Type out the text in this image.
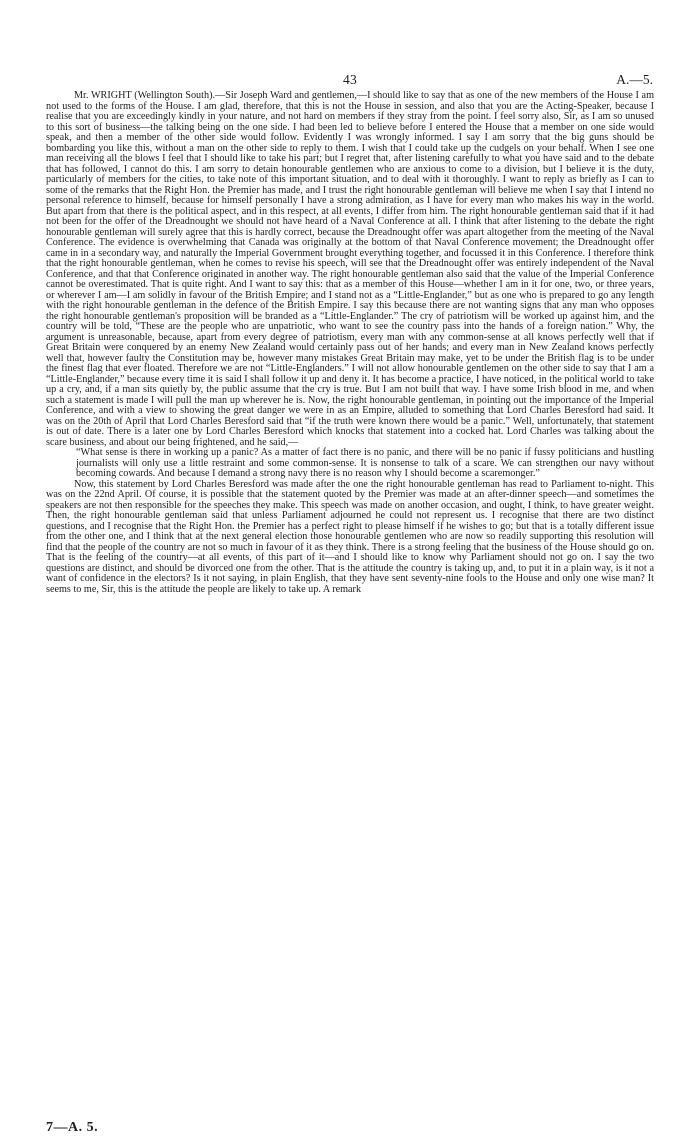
43	A.—5.

Mr. WRIGHT (Wellington South).—Sir Joseph Ward and gentlemen,—I should like to say that as one of the new members of the House I am not used to the forms of the House. I am glad, therefore, that this is not the House in session, and also that you are the Acting-Speaker, because I realise that you are exceedingly kindly in your nature, and not hard on members if they stray from the point. I feel sorry also, Sir, as I am so unused to this sort of business—the talking being on the one side. I had been led to believe before I entered the House that a member on one side would speak, and then a member of the other side would follow. Evidently I was wrongly informed. I say I am sorry that the big guns should be bombarding you like this, without a man on the other side to reply to them. I wish that I could take up the cudgels on your behalf. When I see one man receiving all the blows I feel that I should like to take his part; but I regret that, after listening carefully to what you have said and to the debate that has followed, I cannot do this. I am sorry to detain honourable gentlemen who are anxious to come to a division, but I believe it is the duty, particularly of members for the cities, to take note of this important situation, and to deal with it thoroughly. I want to reply as briefly as I can to some of the remarks that the Right Hon. the Premier has made, and I trust the right honourable gentleman will believe me when I say that I intend no personal reference to himself, because for himself personally I have a strong admiration, as I have for every man who makes his way in the world. But apart from that there is the political aspect, and in this respect, at all events, I differ from him. The right honourable gentleman said that if it had not been for the offer of the Dreadnought we should not have heard of a Naval Conference at all. I think that after listening to the debate the right honourable gentleman will surely agree that this is hardly correct, because the Dreadnought offer was apart altogether from the meeting of the Naval Conference. The evidence is overwhelming that Canada was originally at the bottom of that Naval Conference movement; the Dreadnought offer came in in a secondary way, and naturally the Imperial Government brought everything together, and focussed it in this Conference. I therefore think that the right honourable gentleman, when he comes to revise his speech, will see that the Dreadnought offer was entirely independent of the Naval Conference, and that that Conference originated in another way. The right honourable gentleman also said that the value of the Imperial Conference cannot be overestimated. That is quite right. And I want to say this: that as a member of this House—whether I am in it for one, two, or three years, or wherever I am—I am solidly in favour of the British Empire; and I stand not as a “Little-Englander,” but as one who is prepared to go any length with the right honourable gentleman in the defence of the British Empire. I say this because there are not wanting signs that any man who opposes the right honourable gentleman's proposition will be branded as a “Little-Englander.” The cry of patriotism will be worked up against him, and the country will be told, “These are the people who are unpatriotic, who want to see the country pass into the hands of a foreign nation.” Why, the argument is unreasonable, because, apart from every degree of patriotism, every man with any common-sense at all knows perfectly well that if Great Britain were conquered by an enemy New Zealand would certainly pass out of her hands; and every man in New Zealand knows perfectly well that, however faulty the Constitution may be, however many mistakes Great Britain may make, yet to be under the British flag is to be under the finest flag that ever floated. Therefore we are not “Little-Englanders.” I will not allow honourable gentlemen on the other side to say that I am a “Little-Englander,” because every time it is said I shall follow it up and deny it. It has become a practice, I have noticed, in the political world to take up a cry, and, if a man sits quietly by, the public assume that the cry is true. But I am not built that way. I have some Irish blood in me, and when such a statement is made I will pull the man up wherever he is. Now, the right honourable gentleman, in pointing out the importance of the Imperial Conference, and with a view to showing the great danger we were in as an Empire, alluded to something that Lord Charles Beresford had said. It was on the 20th of April that Lord Charles Beresford said that “if the truth were known there would be a panic.” Well, unfortunately, that statement is out of date. There is a later one by Lord Charles Beresford which knocks that statement into a cocked hat. Lord Charles was talking about the scare business, and about our being frightened, and he said,—

“What sense is there in working up a panic? As a matter of fact there is no panic, and there will be no panic if fussy politicians and hustling journalists will only use a little restraint and some common-sense. It is nonsense to talk of a scare. We can strengthen our navy without becoming cowards. And because I demand a strong navy there is no reason why I should become a scaremonger.”

Now, this statement by Lord Charles Beresford was made after the one the right honourable gentleman has read to Parliament to-night. This was on the 22nd April. Of course, it is possible that the statement quoted by the Premier was made at an after-dinner speech—and sometimes the speakers are not then responsible for the speeches they make. This speech was made on another occasion, and ought, I think, to have greater weight. Then, the right honourable gentleman said that unless Parliament adjourned he could not represent us. I recognise that there are two distinct questions, and I recognise that the Right Hon. the Premier has a perfect right to please himself if he wishes to go; but that is a totally different issue from the other one, and I think that at the next general election those honourable gentlemen who are now so readily supporting this resolution will find that the people of the country are not so much in favour of it as they think. There is a strong feeling that the business of the House should go on. That is the feeling of the country—at all events, of this part of it—and I should like to know why Parliament should not go on. I say the two questions are distinct, and should be divorced one from the other. That is the attitude the country is taking up, and, to put it in a plain way, is it not a want of confidence in the electors? Is it not saying, in plain English, that they have sent seventy-nine fools to the House and only one wise man? It seems to me, Sir, this is the attitude the people are likely to take up. A remark

7—A. 5.
